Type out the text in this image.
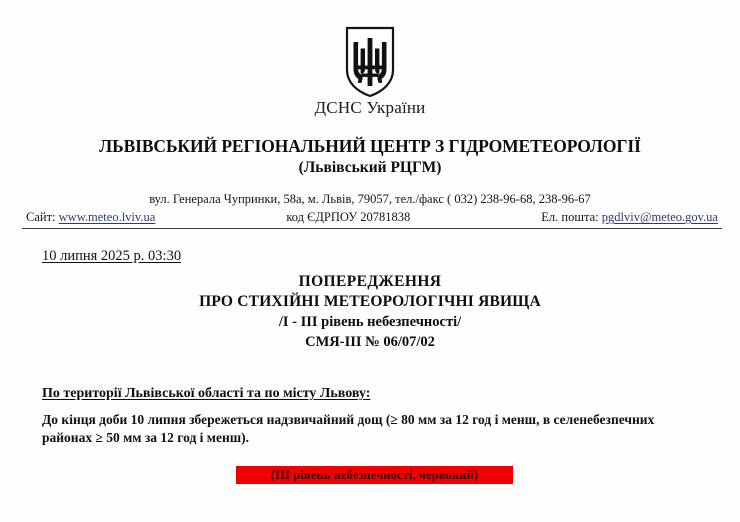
ДСНС України
ЛЬВІВСЬКИЙ РЕГІОНАЛЬНИЙ ЦЕНТР З ГІДРОМЕТЕОРОЛОГІЇ
(Львівський РЦГМ)
вул. Генерала Чупринки, 58а, м. Львів, 79057, тел./факс ( 032) 238-96-68, 238-96-67
Сайт: www.meteo.lviv.ua	код ЄДРПОУ 20781838	Ел. пошта: pgdlviv@meteo.gov.ua
10 липня 2025 р. 03:30
ПОПЕРЕДЖЕННЯ
ПРО СТИХІЙНІ МЕТЕОРОЛОГІЧНІ ЯВИЩА
/І - ІІІ рівень небезпечності/
СМЯ-ІІІ № 06/07/02
По території Львівської області та по місту Львову:
До кінця доби 10 липня збережеться надзвичайний дощ (≥ 80 мм за 12 год і менш, в селенебезпечних районах ≥ 50 мм за 12 год і менш).
(ІІІ рівень небезпечності, червоний)
